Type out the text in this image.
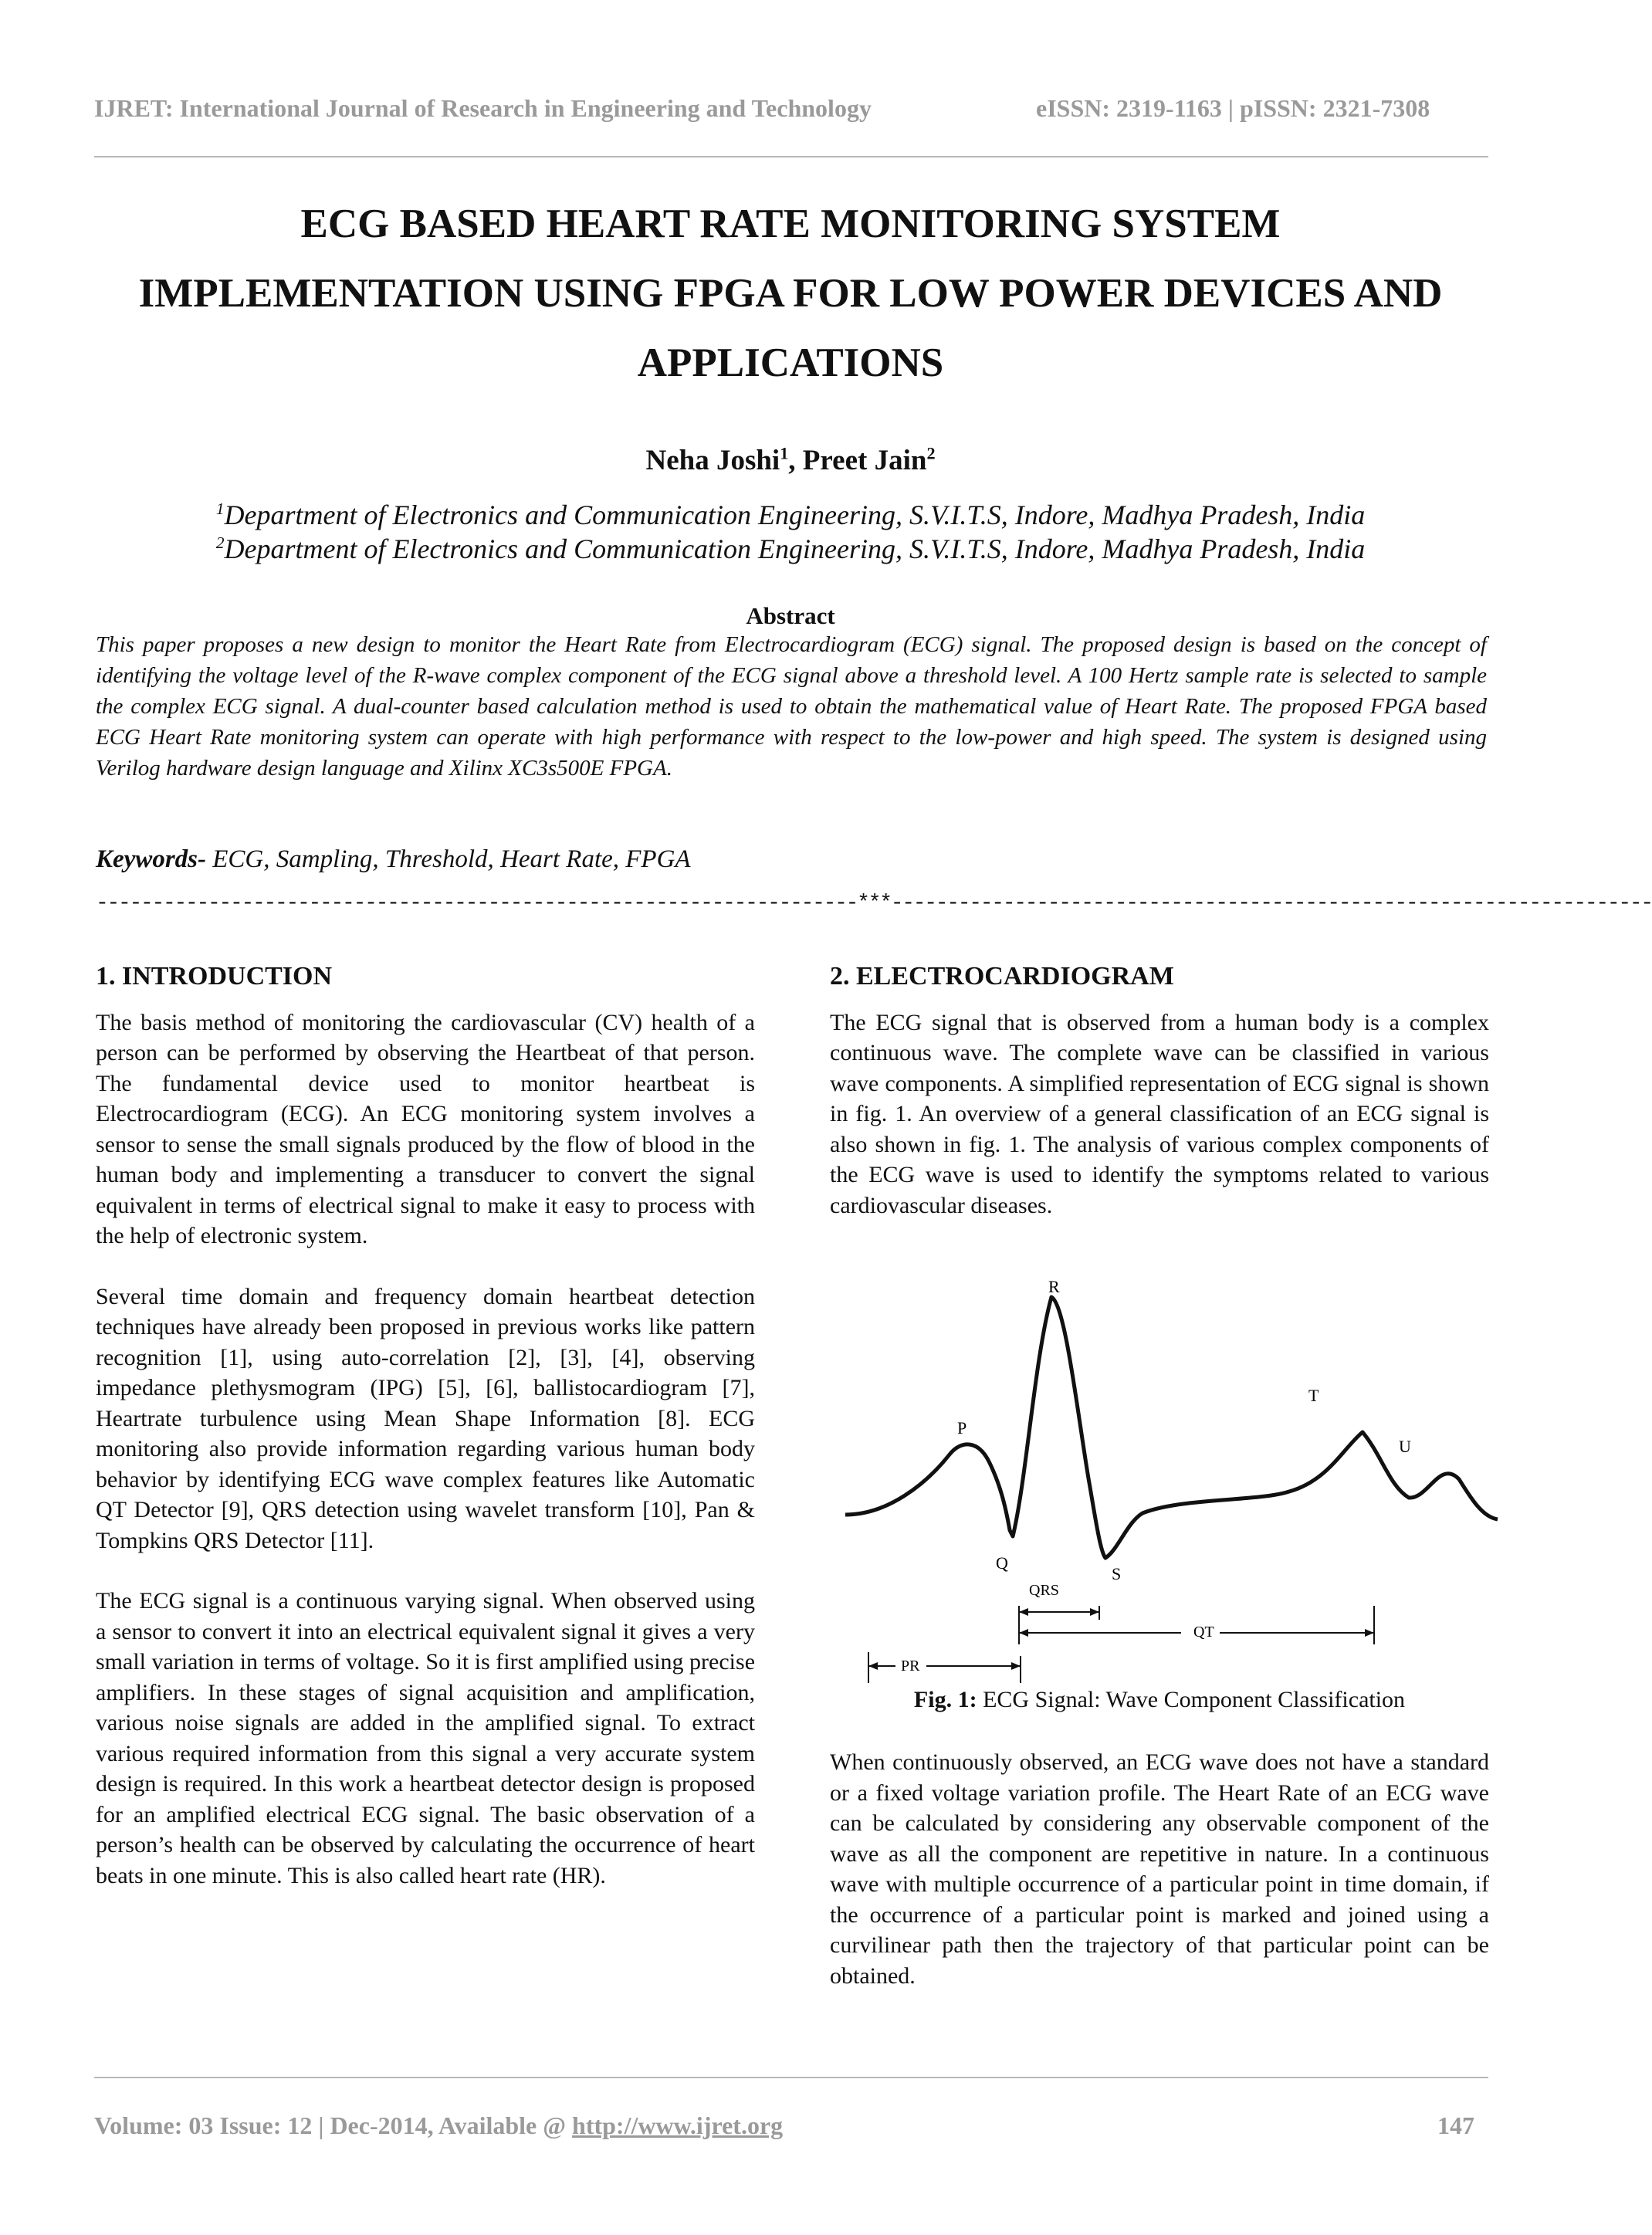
IJRET: International Journal of Research in Engineering and Technology	eISSN: 2319-1163 | pISSN: 2321-7308
ECG BASED HEART RATE MONITORING SYSTEM
IMPLEMENTATION USING FPGA FOR LOW POWER DEVICES AND
APPLICATIONS
Neha Joshi$^1$, Preet Jain$^2$
$^1$Department of Electronics and Communication Engineering, S.V.I.T.S, Indore, Madhya Pradesh, India
$^2$Department of Electronics and Communication Engineering, S.V.I.T.S, Indore, Madhya Pradesh, India
Abstract
This paper proposes a new design to monitor the Heart Rate from Electrocardiogram (ECG) signal. The proposed design is based on the concept of identifying the voltage level of the R-wave complex component of the ECG signal above a threshold level. A 100 Hertz sample rate is selected to sample the complex ECG signal. A dual-counter based calculation method is used to obtain the mathematical value of Heart Rate. The proposed FPGA based ECG Heart Rate monitoring system can operate with high performance with respect to the low-power and high speed. The system is designed using Verilog hardware design language and Xilinx XC3s500E FPGA.
Keywords- ECG, Sampling, Threshold, Heart Rate, FPGA
--------------------------------------------------------------------***--------------------------------------------------------------------
1. INTRODUCTION

The basis method of monitoring the cardiovascular (CV) health of a person can be performed by observing the Heartbeat of that person. The fundamental device used to monitor heartbeat is Electrocardiogram (ECG). An ECG monitoring system involves a sensor to sense the small signals produced by the flow of blood in the human body and implementing a transducer to convert the signal equivalent in terms of electrical signal to make it easy to process with the help of electronic system.

Several time domain and frequency domain heartbeat detection techniques have already been proposed in previous works like pattern recognition [1], using auto-correlation [2], [3], [4], observing impedance plethysmogram (IPG) [5], [6], ballistocardiogram [7], Heartrate turbulence using Mean Shape Information [8]. ECG monitoring also provide information regarding various human body behavior by identifying ECG wave complex features like Automatic QT Detector [9], QRS detection using wavelet transform [10], Pan & Tompkins QRS Detector [11].

The ECG signal is a continuous varying signal. When observed using a sensor to convert it into an electrical equivalent signal it gives a very small variation in terms of voltage. So it is first amplified using precise amplifiers. In these stages of signal acquisition and amplification, various noise signals are added in the amplified signal. To extract various required information from this signal a very accurate system design is required. In this work a heartbeat detector design is proposed for an amplified electrical ECG signal. The basic observation of a person’s health can be observed by calculating the occurrence of heart beats in one minute. This is also called heart rate (HR).

2. ELECTROCARDIOGRAM

The ECG signal that is observed from a human body is a complex continuous wave. The complete wave can be classified in various wave components. A simplified representation of ECG signal is shown in fig. 1. An overview of a general classification of an ECG signal is also shown in fig. 1. The analysis of various complex components of the ECG wave is used to identify the symptoms related to various cardiovascular diseases.

P
Q
R
S
T
U
QRS
QT
PR
Fig. 1: ECG Signal: Wave Component Classification

When continuously observed, an ECG wave does not have a standard or a fixed voltage variation profile. The Heart Rate of an ECG wave can be calculated by considering any observable component of the wave as all the component are repetitive in nature. In a continuous wave with multiple occurrence of a particular point in time domain, if the occurrence of a particular point is marked and joined using a curvilinear path then the trajectory of that particular point can be obtained.

Volume: 03 Issue: 12 | Dec-2014, Available @ http://www.ijret.org	147
